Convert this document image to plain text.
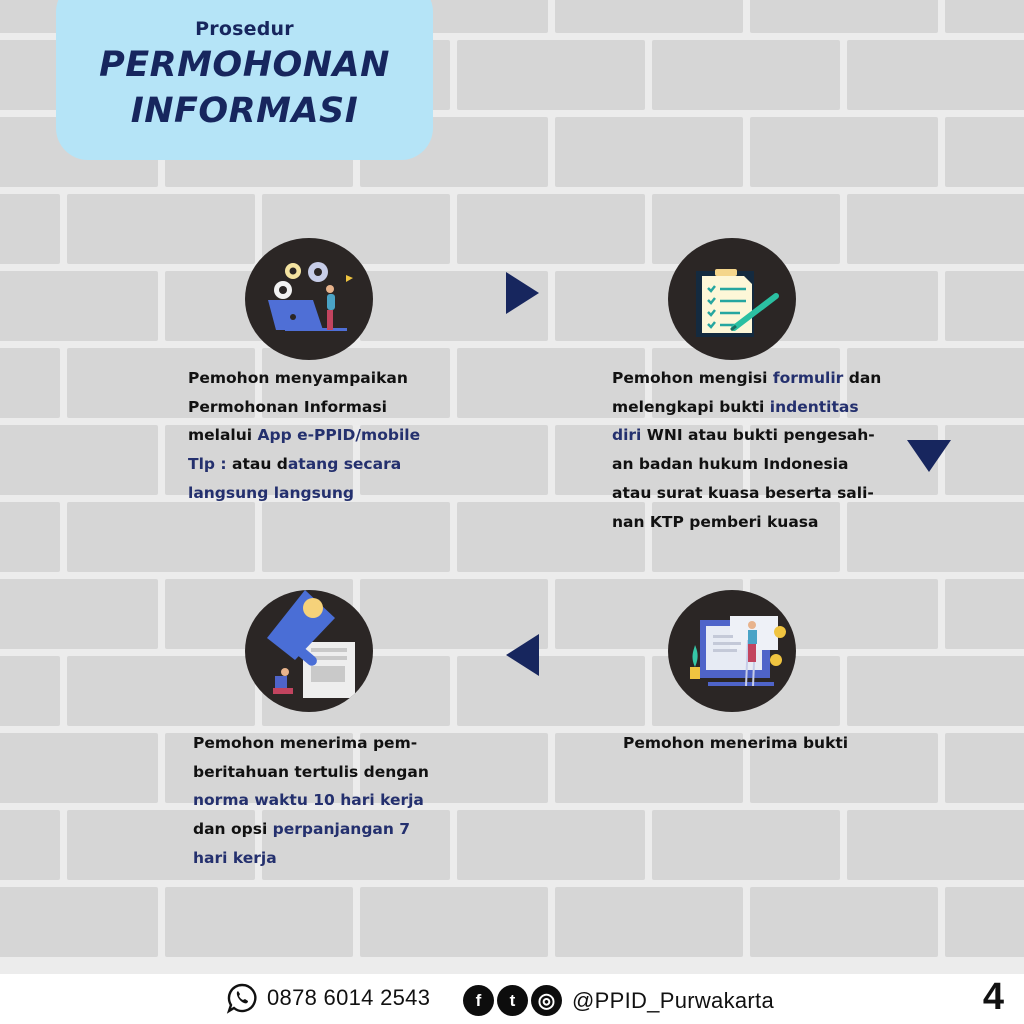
Prosedur
PERMOHONAN
INFORMASI
Pemohon menyampaikan
Permohonan Informasi
melalui App e-PPID/mobile
Tlp : atau datang secara
langsung langsung
Pemohon mengisi formulir dan
melengkapi bukti indentitas
diri WNI atau bukti pengesah-
an badan hukum Indonesia
atau surat kuasa beserta sali-
nan KTP pemberi kuasa
Pemohon menerima bukti
Pemohon menerima pem-
beritahuan tertulis dengan
norma waktu 10 hari kerja
dan opsi perpanjangan 7
hari kerja
0878 6014 2543	f	t	◎ @PPID_Purwakarta	4
